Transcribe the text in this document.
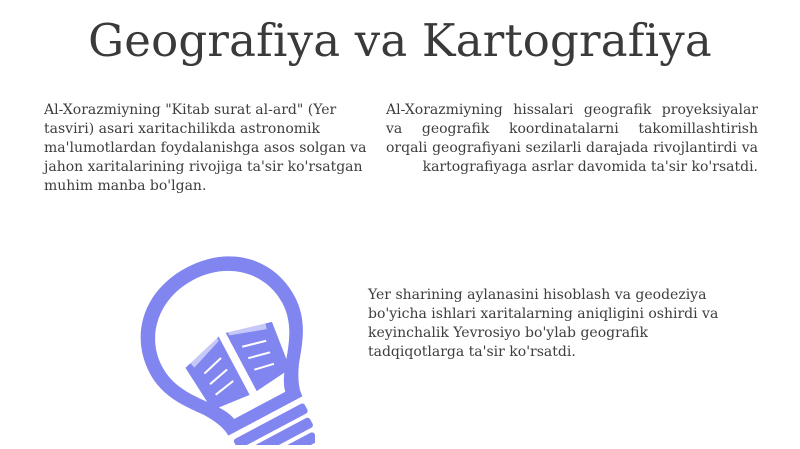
Geografiya va Kartografiya

Al-Xorazmiyning "Kitab surat al-ard" (Yer tasviri) asari xaritachilikda astronomik ma'lumotlardan foydalanishga asos solgan va jahon xaritalarining rivojiga ta'sir ko'rsatgan muhim manba bo'lgan.

Al-Xorazmiyning hissalari geografik proyeksiyalar va geografik koordinatalarni takomillashtirish orqali geografiyani sezilarli darajada rivojlantirdi va kartografiyaga asrlar davomida ta'sir ko'rsatdi.

Yer sharining aylanasini hisoblash va geodeziya bo'yicha ishlari xaritalarning aniqligini oshirdi va keyinchalik Yevrosiyo bo'ylab geografik tadqiqotlarga ta'sir ko'rsatdi.
